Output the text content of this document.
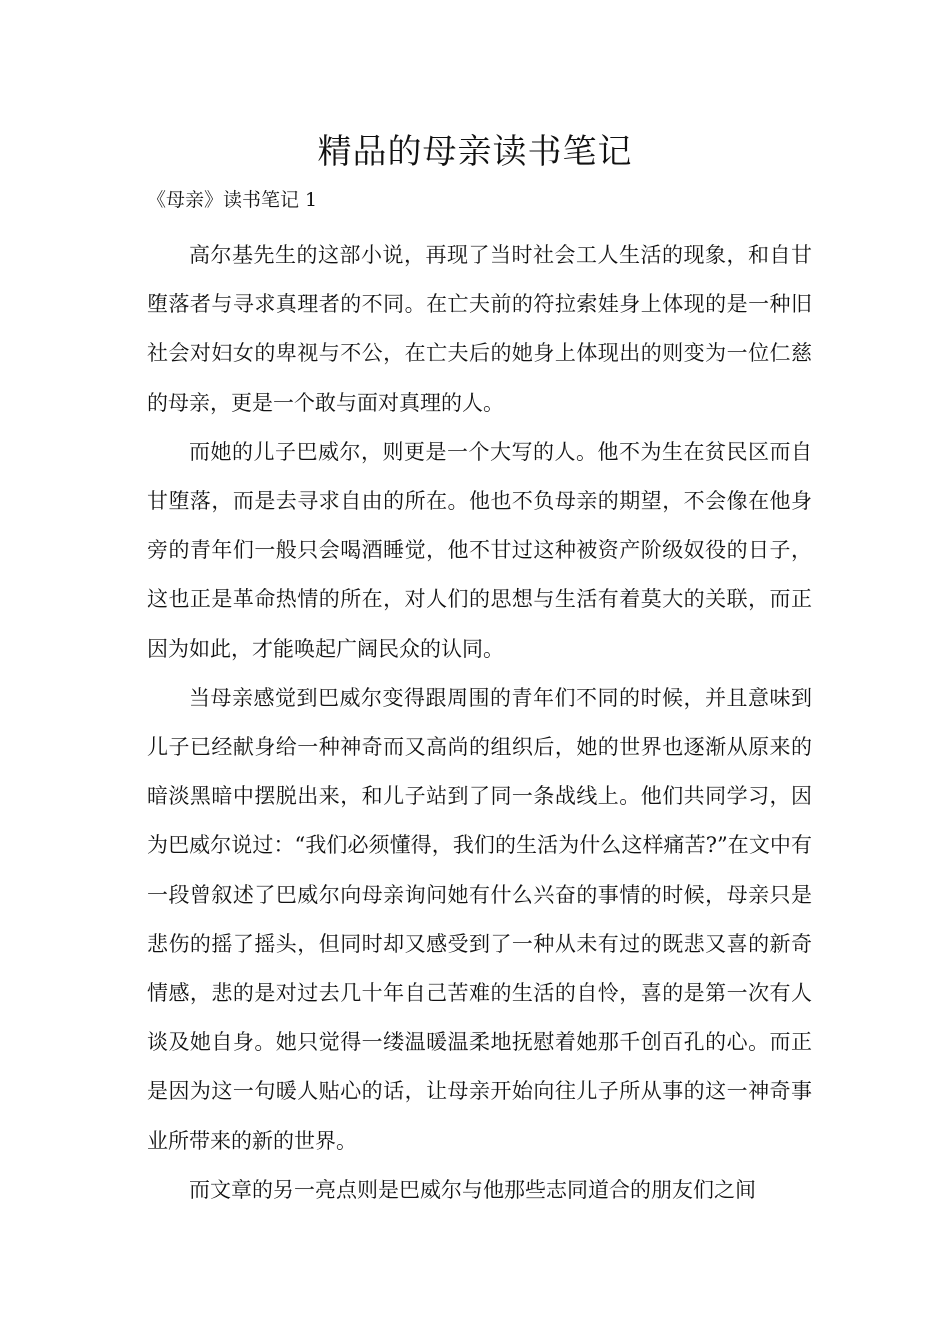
精品的母亲读书笔记
《母亲》读书笔记 1

高尔基先生的这部小说，再现了当时社会工人生活的现象，和自甘堕落者与寻求真理者的不同。在亡夫前的符拉索娃身上体现的是一种旧社会对妇女的卑视与不公，在亡夫后的她身上体现出的则变为一位仁慈的母亲，更是一个敢与面对真理的人。

而她的儿子巴威尔，则更是一个大写的人。他不为生在贫民区而自甘堕落，而是去寻求自由的所在。他也不负母亲的期望，不会像在他身旁的青年们一般只会喝酒睡觉，他不甘过这种被资产阶级奴役的日子，这也正是革命热情的所在，对人们的思想与生活有着莫大的关联，而正因为如此，才能唤起广阔民众的认同。

当母亲感觉到巴威尔变得跟周围的青年们不同的时候，并且意味到儿子已经献身给一种神奇而又高尚的组织后，她的世界也逐渐从原来的暗淡黑暗中摆脱出来，和儿子站到了同一条战线上。他们共同学习，因为巴威尔说过：“我们必须懂得，我们的生活为什么这样痛苦?”在文中有一段曾叙述了巴威尔向母亲询问她有什么兴奋的事情的时候，母亲只是悲伤的摇了摇头，但同时却又感受到了一种从未有过的既悲又喜的新奇情感，悲的是对过去几十年自己苦难的生活的自怜，喜的是第一次有人谈及她自身。她只觉得一缕温暖温柔地抚慰着她那千创百孔的心。而正是因为这一句暖人贴心的话，让母亲开始向往儿子所从事的这一神奇事业所带来的新的世界。

而文章的另一亮点则是巴威尔与他那些志同道合的朋友们之间
